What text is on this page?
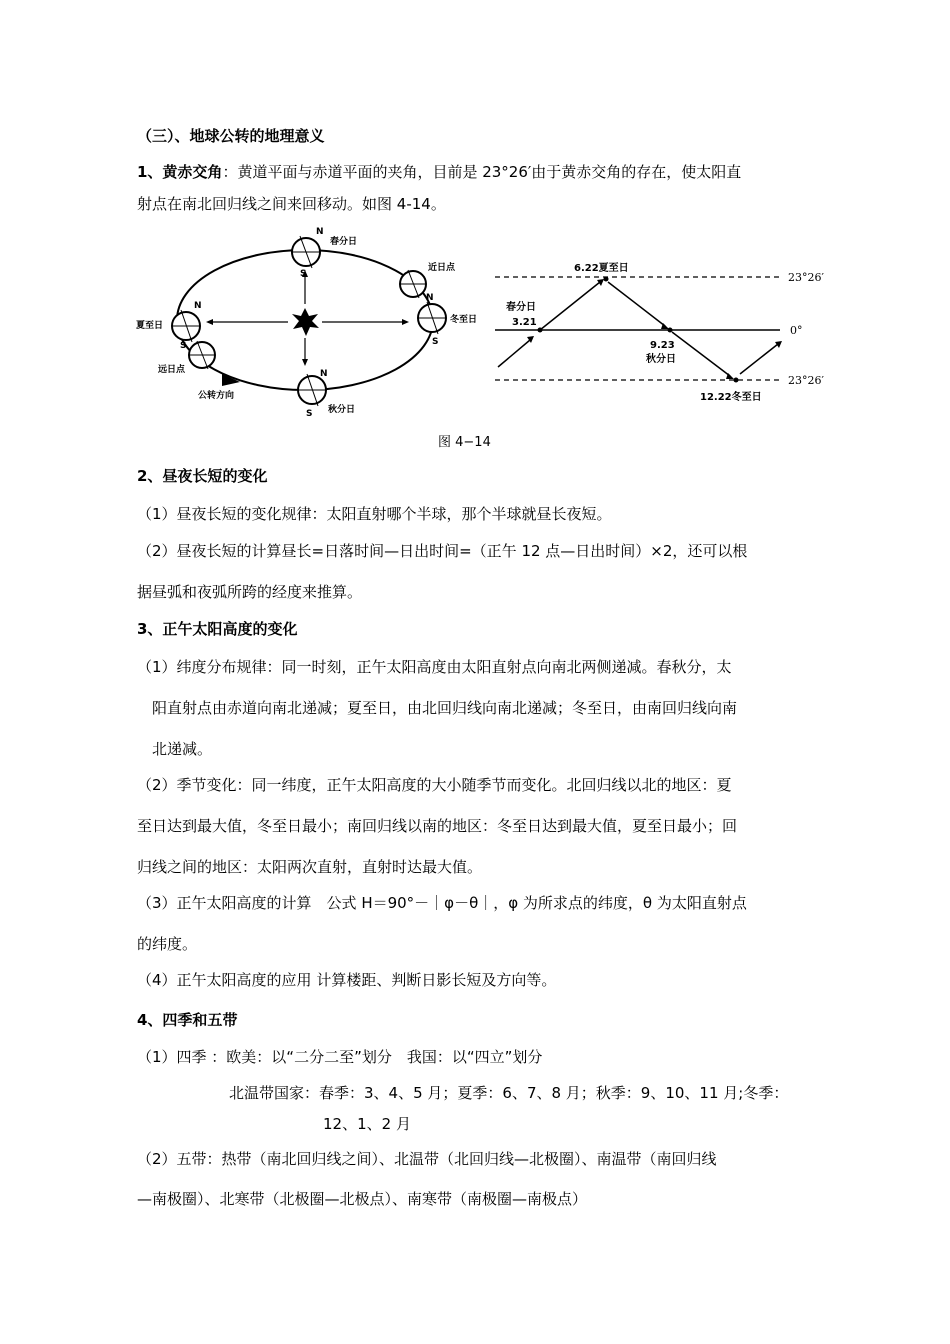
（三）、地球公转的地理意义
1、黄赤交角：黄道平面与赤道平面的夹角，目前是 23°26′由于黄赤交角的存在，使太阳直
射点在南北回归线之间来回移动。如图 4-14。
N
S
N
S
N
S
N
S
春分日
近日点
冬至日
夏至日
远日点
公转方向
秋分日
6.22夏至日
春分日
3.21
9.23
秋分日
12.22冬至日
23°26′
0°
23°26′
图 4−14
2、昼夜长短的变化
（1）昼夜长短的变化规律：太阳直射哪个半球，那个半球就昼长夜短。
（2）昼夜长短的计算昼长=日落时间—日出时间=（正午 12 点—日出时间）×2，还可以根
据昼弧和夜弧所跨的经度来推算。
3、正午太阳高度的变化
（1）纬度分布规律：同一时刻，正午太阳高度由太阳直射点向南北两侧递减。春秋分，太
阳直射点由赤道向南北递减；夏至日，由北回归线向南北递减；冬至日，由南回归线向南
北递减。
（2）季节变化：同一纬度，正午太阳高度的大小随季节而变化。北回归线以北的地区：夏
至日达到最大值，冬至日最小；南回归线以南的地区：冬至日达到最大值，夏至日最小；回
归线之间的地区：太阳两次直射，直射时达最大值。
（3）正午太阳高度的计算　公式 H＝90°－｜φ－θ｜，φ 为所求点的纬度，θ 为太阳直射点
的纬度。
（4）正午太阳高度的应用 计算楼距、判断日影长短及方向等。
4、四季和五带
（1）四季 ：欧美：以“二分二至”划分　我国：以“四立”划分
北温带国家：春季：3、4、5 月；夏季：6、7、8 月；秋季：9、10、11 月;冬季：
12、1、2 月
（2）五带：热带（南北回归线之间）、北温带（北回归线—北极圈）、南温带（南回归线
—南极圈）、北寒带（北极圈—北极点）、南寒带（南极圈—南极点）
